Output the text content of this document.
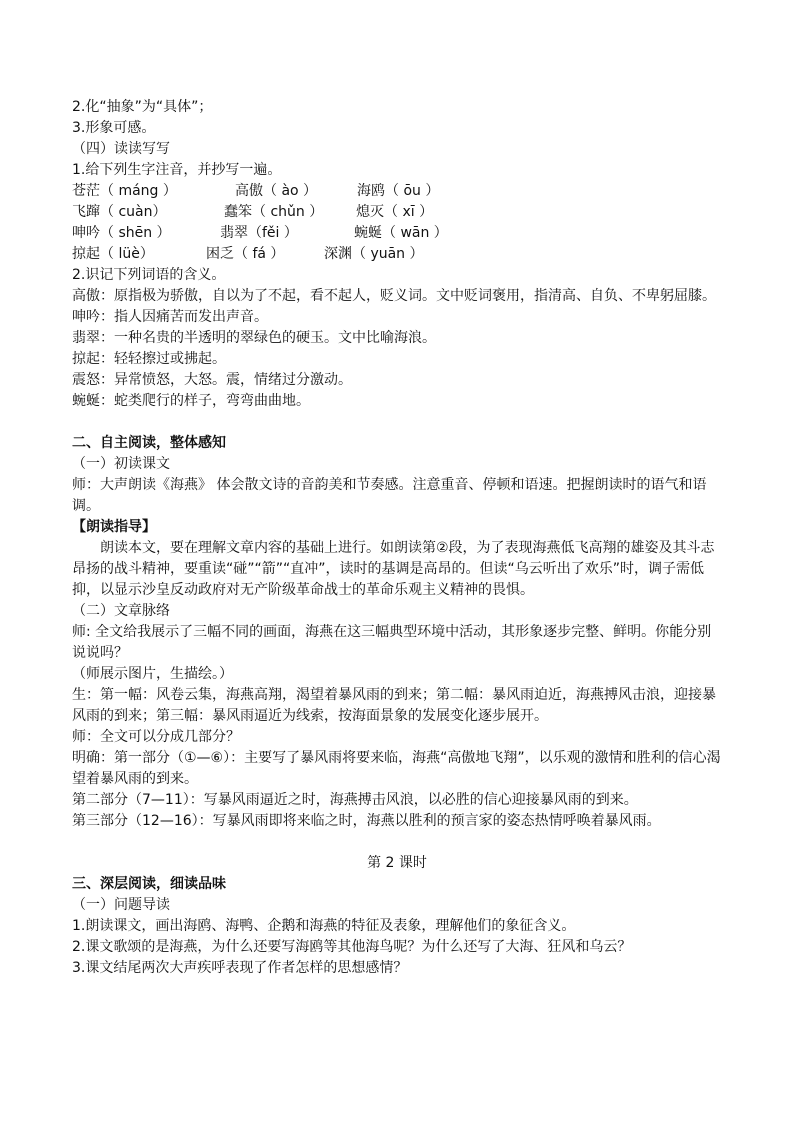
2.化“抽象”为“具体”；
3.形象可感。
（四）读读写写
1.给下列生字注音，并抄写一遍。
苍茫（ máng ）	高傲（ ào ）	海鸥（ ōu ）
飞蹿（ cuàn）	蠢笨（ chǔn ） 熄灭（ xī ）
呻吟（ shēn ）	翡翠（fěi ）	蜿蜒（ wān ）
掠起（ lüè）	困乏（ fá ）	深渊（ yuān ）
2.识记下列词语的含义。
高傲：原指极为骄傲，自以为了不起，看不起人，贬义词。文中贬词褒用，指清高、自负、不卑躬屈膝。
呻吟：指人因痛苦而发出声音。
翡翠：一种名贵的半透明的翠绿色的硬玉。文中比喻海浪。
掠起：轻轻擦过或拂起。
震怒：异常愤怒，大怒。震，情绪过分激动。
蜿蜒：蛇类爬行的样子，弯弯曲曲地。
二、自主阅读，整体感知
（一）初读课文
师：大声朗读《海燕》 体会散文诗的音韵美和节奏感。注意重音、停顿和语速。把握朗读时的语气和语调。
【朗读指导】
朗读本文，要在理解文章内容的基础上进行。如朗读第②段，为了表现海燕低飞高翔的雄姿及其斗志昂扬的战斗精神，要重读“碰”“箭”“直冲”，读时的基调是高昂的。但读“乌云听出了欢乐”时，调子需低抑，以显示沙皇反动政府对无产阶级革命战士的革命乐观主义精神的畏惧。
（二）文章脉络
师: 全文给我展示了三幅不同的画面，海燕在这三幅典型环境中活动，其形象逐步完整、鲜明。你能分别说说吗？
（师展示图片，生描绘。）
生：第一幅：风卷云集，海燕高翔，渴望着暴风雨的到来；第二幅：暴风雨迫近，海燕搏风击浪，迎接暴风雨的到来；第三幅：暴风雨逼近为线索，按海面景象的发展变化逐步展开。
师：全文可以分成几部分？
明确：第一部分（①—⑥）：主要写了暴风雨将要来临，海燕“高傲地飞翔”，以乐观的激情和胜利的信心渴望着暴风雨的到来。
第二部分（7—11）：写暴风雨逼近之时，海燕搏击风浪，以必胜的信心迎接暴风雨的到来。
第三部分（12—16）：写暴风雨即将来临之时，海燕以胜利的预言家的姿态热情呼唤着暴风雨。
第 2 课时
三、深层阅读，细读品味
（一）问题导读
1.朗读课文，画出海鸥、海鸭、企鹅和海燕的特征及表象，理解他们的象征含义。
2.课文歌颂的是海燕，为什么还要写海鸥等其他海鸟呢？为什么还写了大海、狂风和乌云？
3.课文结尾两次大声疾呼表现了作者怎样的思想感情？
